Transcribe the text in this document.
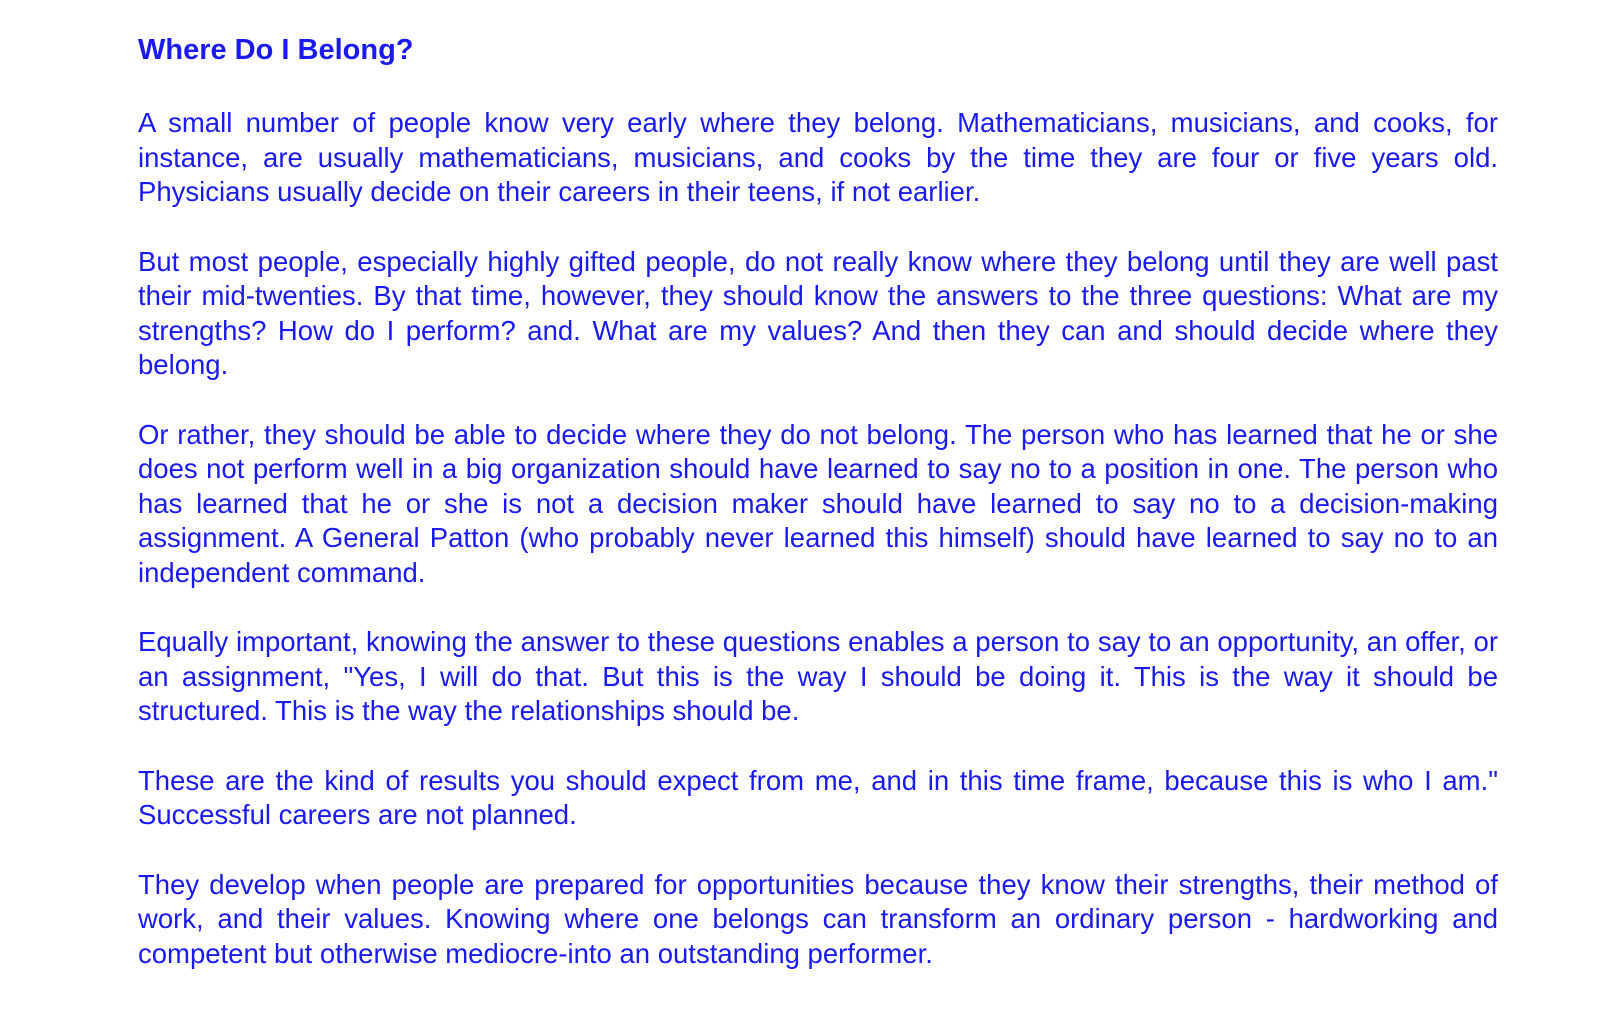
Where Do I Belong?

A small number of people know very early where they belong. Mathematicians, musicians, and cooks, for instance, are usually mathematicians, musicians, and cooks by the time they are four or five years old. Physicians usually decide on their careers in their teens, if not earlier.

But most people, especially highly gifted people, do not really know where they belong until they are well past their mid-twenties. By that time, however, they should know the answers to the three questions: What are my strengths? How do I perform? and. What are my values? And then they can and should decide where they belong.

Or rather, they should be able to decide where they do not belong. The person who has learned that he or she does not perform well in a big organization should have learned to say no to a position in one. The person who has learned that he or she is not a decision maker should have learned to say no to a decision-making assignment. A General Patton (who probably never learned this himself) should have learned to say no to an independent command.

Equally important, knowing the answer to these questions enables a person to say to an opportunity, an offer, or an assignment, "Yes, I will do that. But this is the way I should be doing it. This is the way it should be structured. This is the way the relationships should be.

These are the kind of results you should expect from me, and in this time frame, because this is who I am." Successful careers are not planned.

They develop when people are prepared for opportunities because they know their strengths, their method of work, and their values. Knowing where one belongs can transform an ordinary person - hardworking and competent but otherwise mediocre-into an outstanding performer.
